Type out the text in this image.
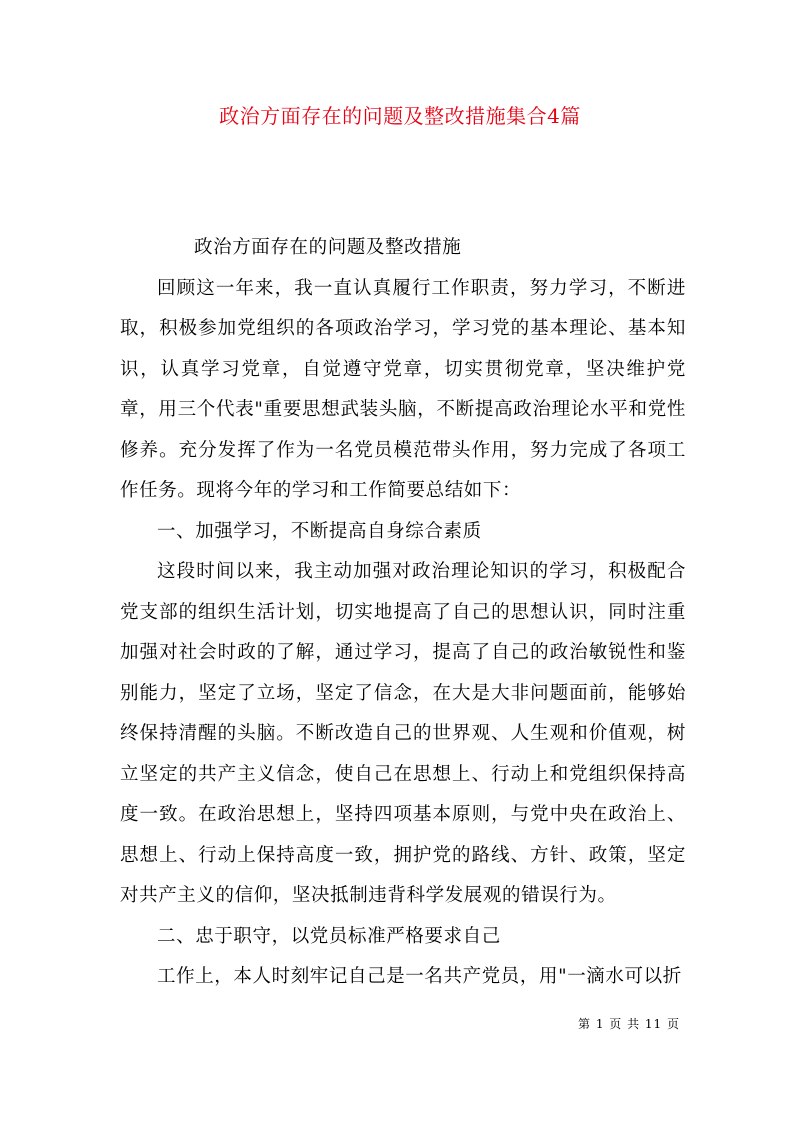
政治方面存在的问题及整改措施集合4篇

政治方面存在的问题及整改措施

回顾这一年来，我一直认真履行工作职责，努力学习，不断进取，积极参加党组织的各项政治学习，学习党的基本理论、基本知识，认真学习党章，自觉遵守党章，切实贯彻党章，坚决维护党章，用三个代表"重要思想武装头脑，不断提高政治理论水平和党性修养。充分发挥了作为一名党员模范带头作用，努力完成了各项工作任务。现将今年的学习和工作简要总结如下：

一、加强学习，不断提高自身综合素质

这段时间以来，我主动加强对政治理论知识的学习，积极配合党支部的组织生活计划，切实地提高了自己的思想认识，同时注重加强对社会时政的了解，通过学习，提高了自己的政治敏锐性和鉴别能力，坚定了立场，坚定了信念，在大是大非问题面前，能够始终保持清醒的头脑。不断改造自己的世界观、人生观和价值观，树立坚定的共产主义信念，使自己在思想上、行动上和党组织保持高度一致。在政治思想上，坚持四项基本原则，与党中央在政治上、思想上、行动上保持高度一致，拥护党的路线、方针、政策，坚定对共产主义的信仰，坚决抵制违背科学发展观的错误行为。

二、忠于职守，以党员标准严格要求自己

工作上，本人时刻牢记自己是一名共产党员，用"一滴水可以折

第 1 页 共 11 页
